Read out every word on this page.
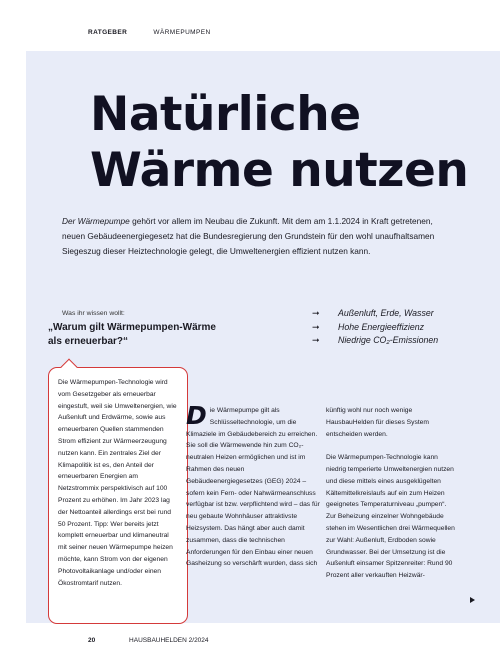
RATGEBER	WÄRMEPUMPEN
Natürliche
Wärme nutzen

Der Wärmepumpe gehört vor allem im Neubau die Zukunft. Mit dem am 1.1.2024 in Kraft getretenen, neuen Gebäudeenergiegesetz hat die Bundesregierung den Grundstein für den wohl unaufhaltsamen Siegeszug dieser Heiztechnologie gelegt, die Umweltenergien effizient nutzen kann.

Was ihr wissen wollt:
„Warum gilt Wärmepumpen-Wärme als erneuerbar?“
➞	Außenluft, Erde, Wasser
➞	Hohe Energieeffizienz
➞	Niedrige CO₂-Emissionen

Die Wärmepumpen-Technologie wird vom Gesetzgeber als erneuerbar eingestuft, weil sie Umweltenergien, wie Außenluft und Erdwärme, sowie aus erneuerbaren Quellen stammenden Strom effizient zur Wärmeerzeugung nutzen kann. Ein zentrales Ziel der Klimapolitik ist es, den Anteil der erneuerbaren Energien am Netzstrommix perspektivisch auf 100 Prozent zu erhöhen. Im Jahr 2023 lag der Nettoanteil allerdings erst bei rund 50 Prozent. Tipp: Wer bereits jetzt komplett erneuerbar und klimaneutral mit seiner neuen Wärmepumpe heizen möchte, kann Strom von der eigenen Photovoltaikanlage und/oder einen Ökostromtarif nutzen.

Die Wärmepumpe gilt als Schlüsseltechnologie, um die Klimaziele im Gebäudebereich zu erreichen. Sie soll die Wärmewende hin zum CO₂-neutralen Heizen ermöglichen und ist im Rahmen des neuen Gebäudeenergiegesetzes (GEG) 2024 – sofern kein Fern- oder Nahwärmeanschluss verfügbar ist bzw. verpflichtend wird – das für neu gebaute Wohnhäuser attraktivste Heizsystem. Das hängt aber auch damit zusammen, dass die technischen Anforderungen für den Einbau einer neuen Gasheizung so verschärft wurden, dass sich

künftig wohl nur noch wenige HausbauHelden für dieses System entscheiden werden.

Die Wärmepumpen-Technologie kann niedrig temperierte Umweltenergien nutzen und diese mittels eines ausgeklügelten Kältemittelkreislaufs auf ein zum Heizen geeignetes Temperaturniveau „pumpen“. Zur Beheizung einzelner Wohngebäude stehen im Wesentlichen drei Wärmequellen zur Wahl: Außenluft, Erdboden sowie Grundwasser. Bei der Umsetzung ist die Außenluft einsamer Spitzenreiter: Rund 90 Prozent aller verkauften Heizwär-

20	HAUSBAUHELDEN 2/2024
